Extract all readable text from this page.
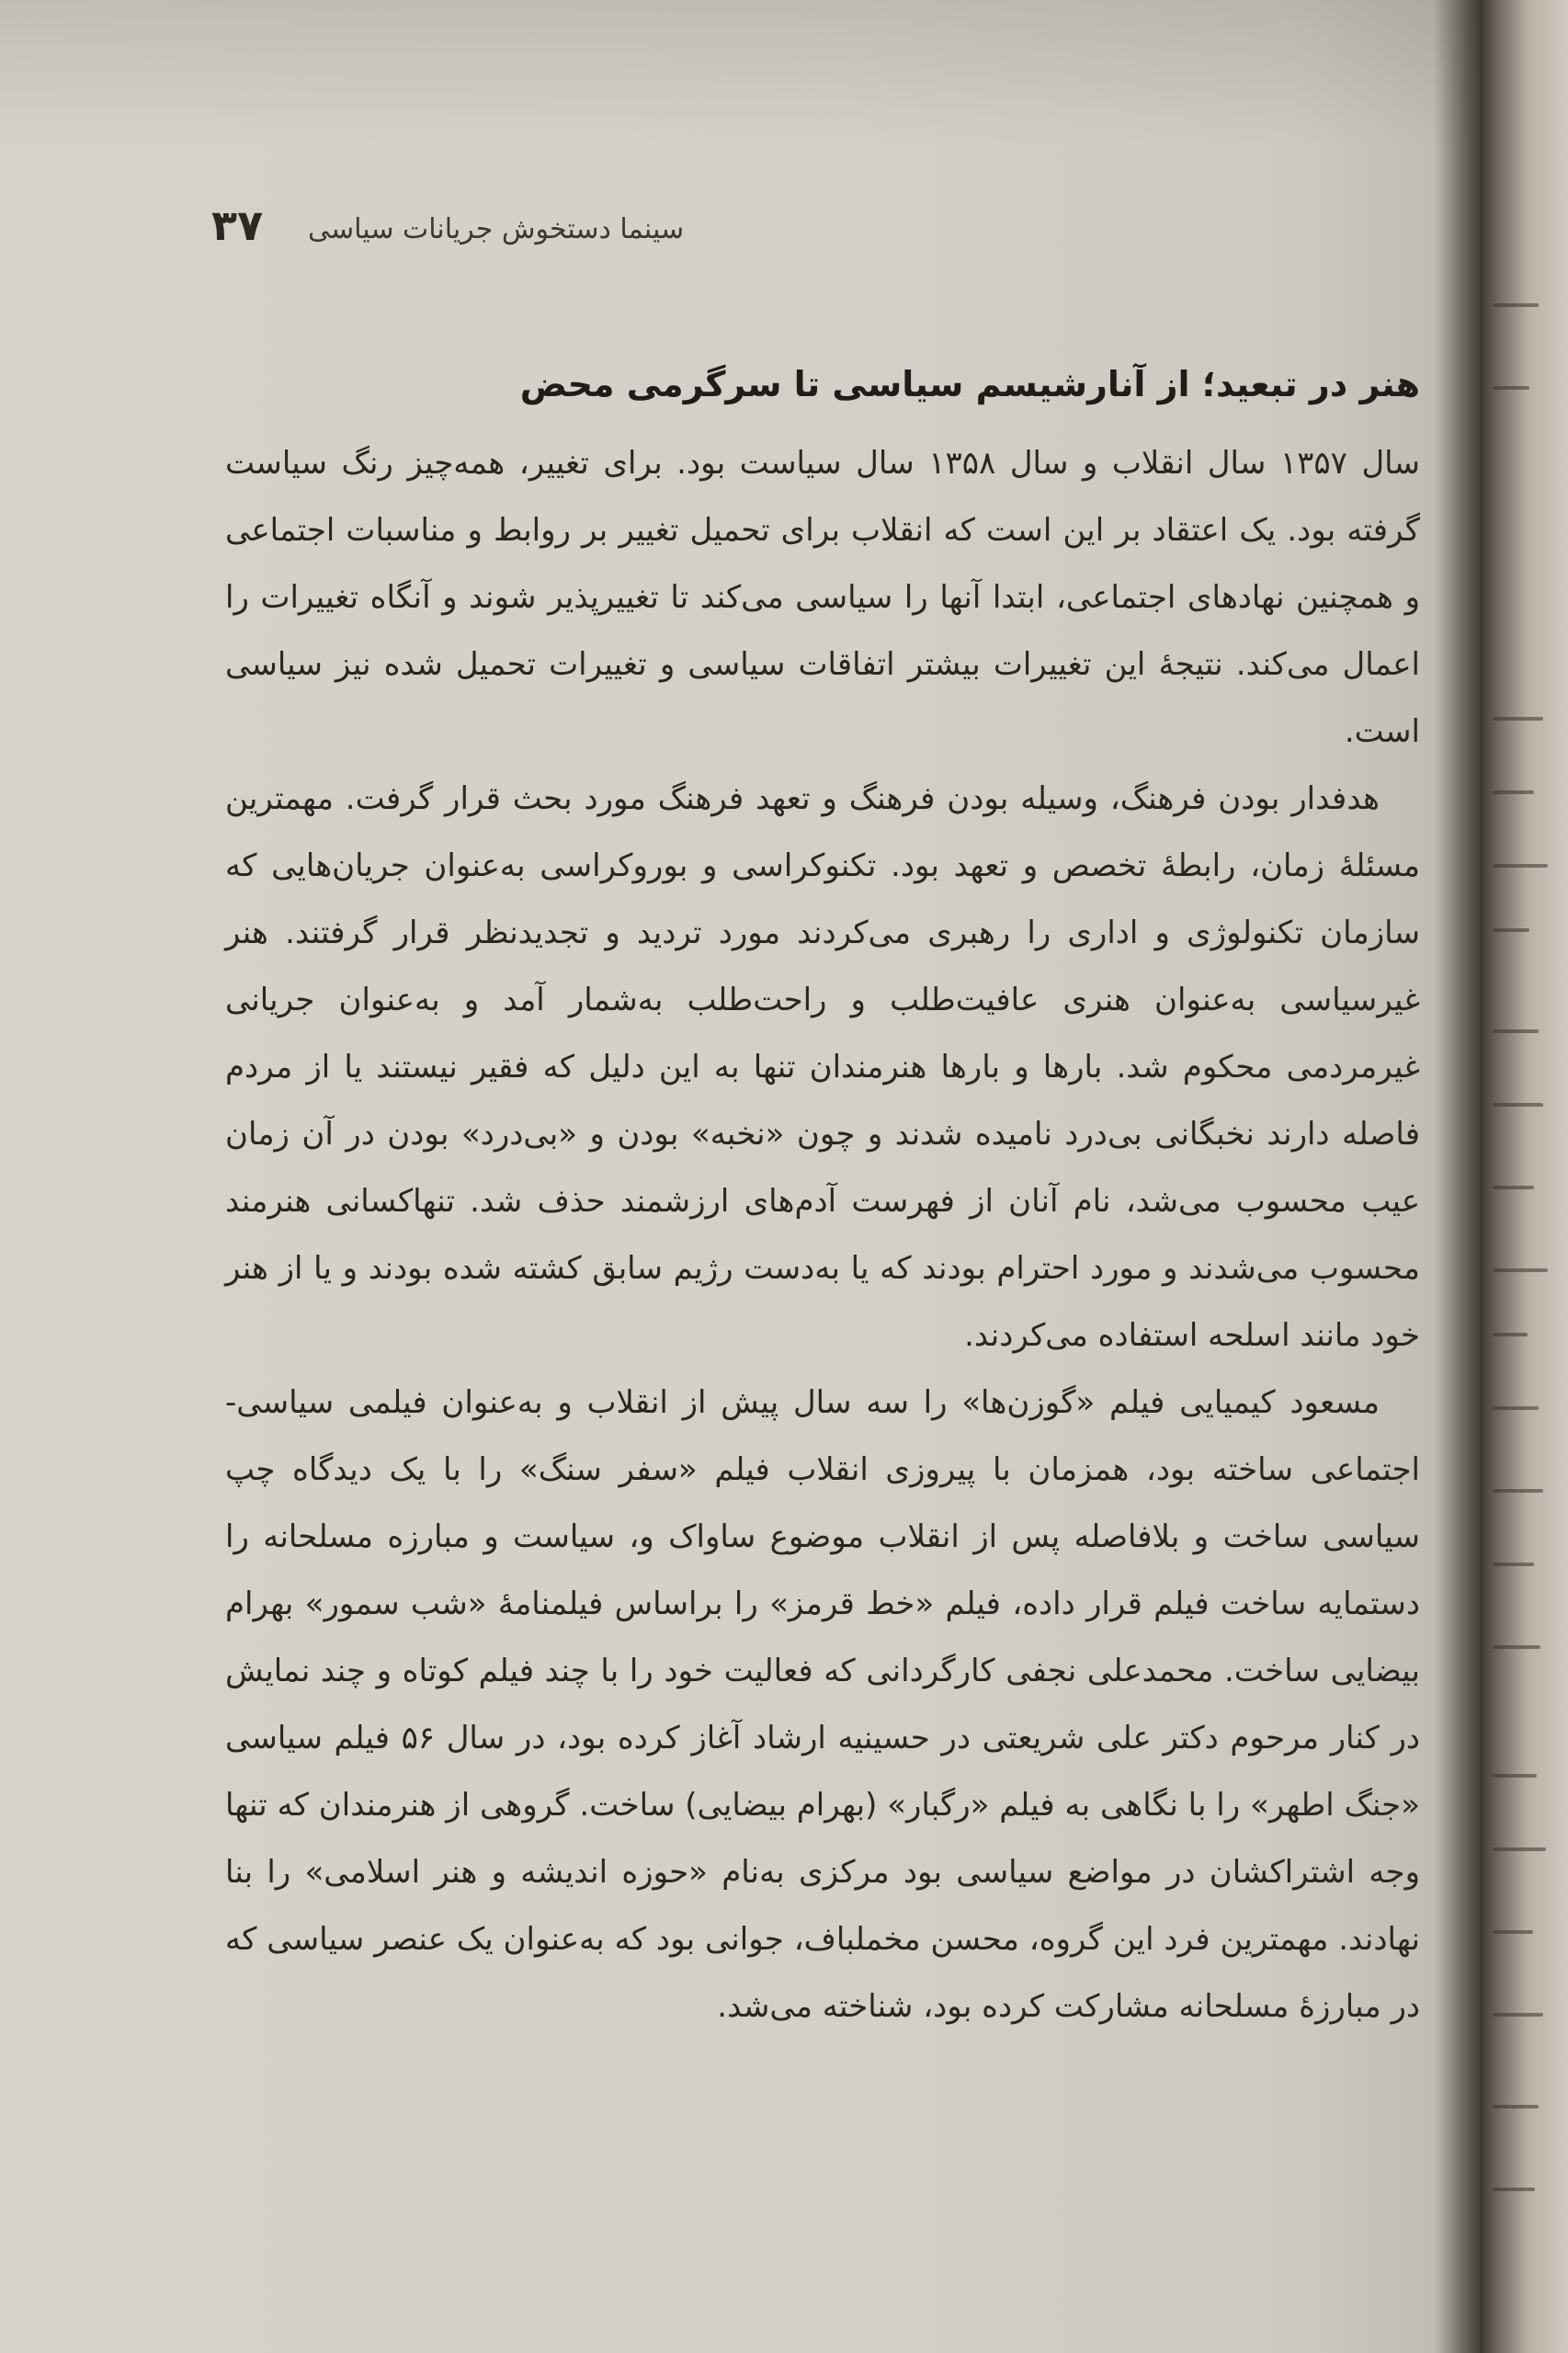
۳۷ سینما دستخوش جریانات سیاسی
هنر در تبعید؛ از آنارشیسم سیاسی تا سرگرمی محض

سال ۱۳۵۷ سال انقلاب و سال ۱۳۵۸ سال سیاست بود. برای تغییر، همه‌چیز رنگ سیاست گرفته بود. یک اعتقاد بر این است که انقلاب برای تحمیل تغییر بر روابط و مناسبات اجتماعی و همچنین نهادهای اجتماعی، ابتدا آنها را سیاسی می‌کند تا تغییرپذیر شوند و آنگاه تغییرات را اعمال می‌کند. نتیجهٔ این تغییرات بیشتر اتفاقات سیاسی و تغییرات تحمیل شده نیز سیاسی است.

هدفدار بودن فرهنگ، وسیله بودن فرهنگ و تعهد فرهنگ مورد بحث قرار گرفت. مهمترین مسئلهٔ زمان، رابطهٔ تخصص و تعهد بود. تکنوکراسی و بوروکراسی به‌عنوان جریان‌هایی که سازمان تکنولوژی و اداری را رهبری می‌کردند مورد تردید و تجدیدنظر قرار گرفتند. هنر غیرسیاسی به‌عنوان هنری عافیت‌طلب و راحت‌طلب به‌شمار آمد و به‌عنوان جریانی غیرمردمی محکوم شد. بارها و بارها هنرمندان تنها به این دلیل که فقیر نیستند یا از مردم فاصله دارند نخبگانی بی‌درد نامیده شدند و چون «نخبه» بودن و «بی‌درد» بودن در آن زمان عیب محسوب می‌شد، نام آنان از فهرست آدم‌های ارزشمند حذف شد. تنهاکسانی هنرمند محسوب می‌شدند و مورد احترام بودند که یا به‌دست رژیم سابق کشته شده بودند و یا از هنر خود مانند اسلحه استفاده می‌کردند.

مسعود کیمیایی فیلم «گوزن‌ها» را سه سال پیش از انقلاب و به‌عنوان فیلمی سیاسی-اجتماعی ساخته بود، همزمان با پیروزی انقلاب فیلم «سفر سنگ» را با یک دیدگاه چپ سیاسی ساخت و بلافاصله پس از انقلاب موضوع ساواک و، سیاست و مبارزه مسلحانه را دستمایه ساخت فیلم قرار داده، فیلم «خط قرمز» را براساس فیلمنامهٔ «شب سمور» بهرام بیضایی ساخت. محمدعلی نجفی کارگردانی که فعالیت خود را با چند فیلم کوتاه و چند نمایش در کنار مرحوم دکتر علی شریعتی در حسینیه ارشاد آغاز کرده بود، در سال ۵۶ فیلم سیاسی «جنگ اطهر» را با نگاهی به فیلم «رگبار» (بهرام بیضایی) ساخت. گروهی از هنرمندان که تنها وجه اشتراکشان در مواضع سیاسی بود مرکزی به‌نام «حوزه اندیشه و هنر اسلامی» را بنا نهادند. مهمترین فرد این گروه، محسن مخملباف، جوانی بود که به‌عنوان یک عنصر سیاسی که در مبارزهٔ مسلحانه مشارکت کرده بود، شناخته می‌شد.
